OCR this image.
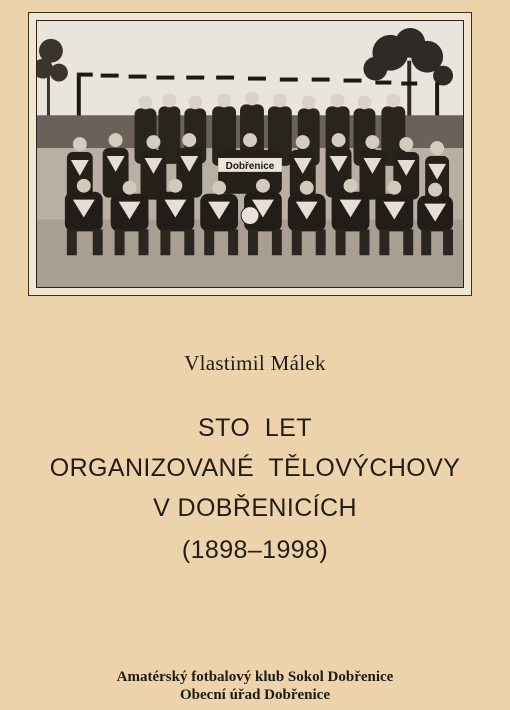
Dobřenice
Vlastimil Málek
STO  LET
ORGANIZOVANÉ  TĚLOVÝCHOVY
V DOBŘENICÍCH
(1898–1998)
Amatérský fotbalový klub Sokol Dobřenice
Obecní úřad Dobřenice
